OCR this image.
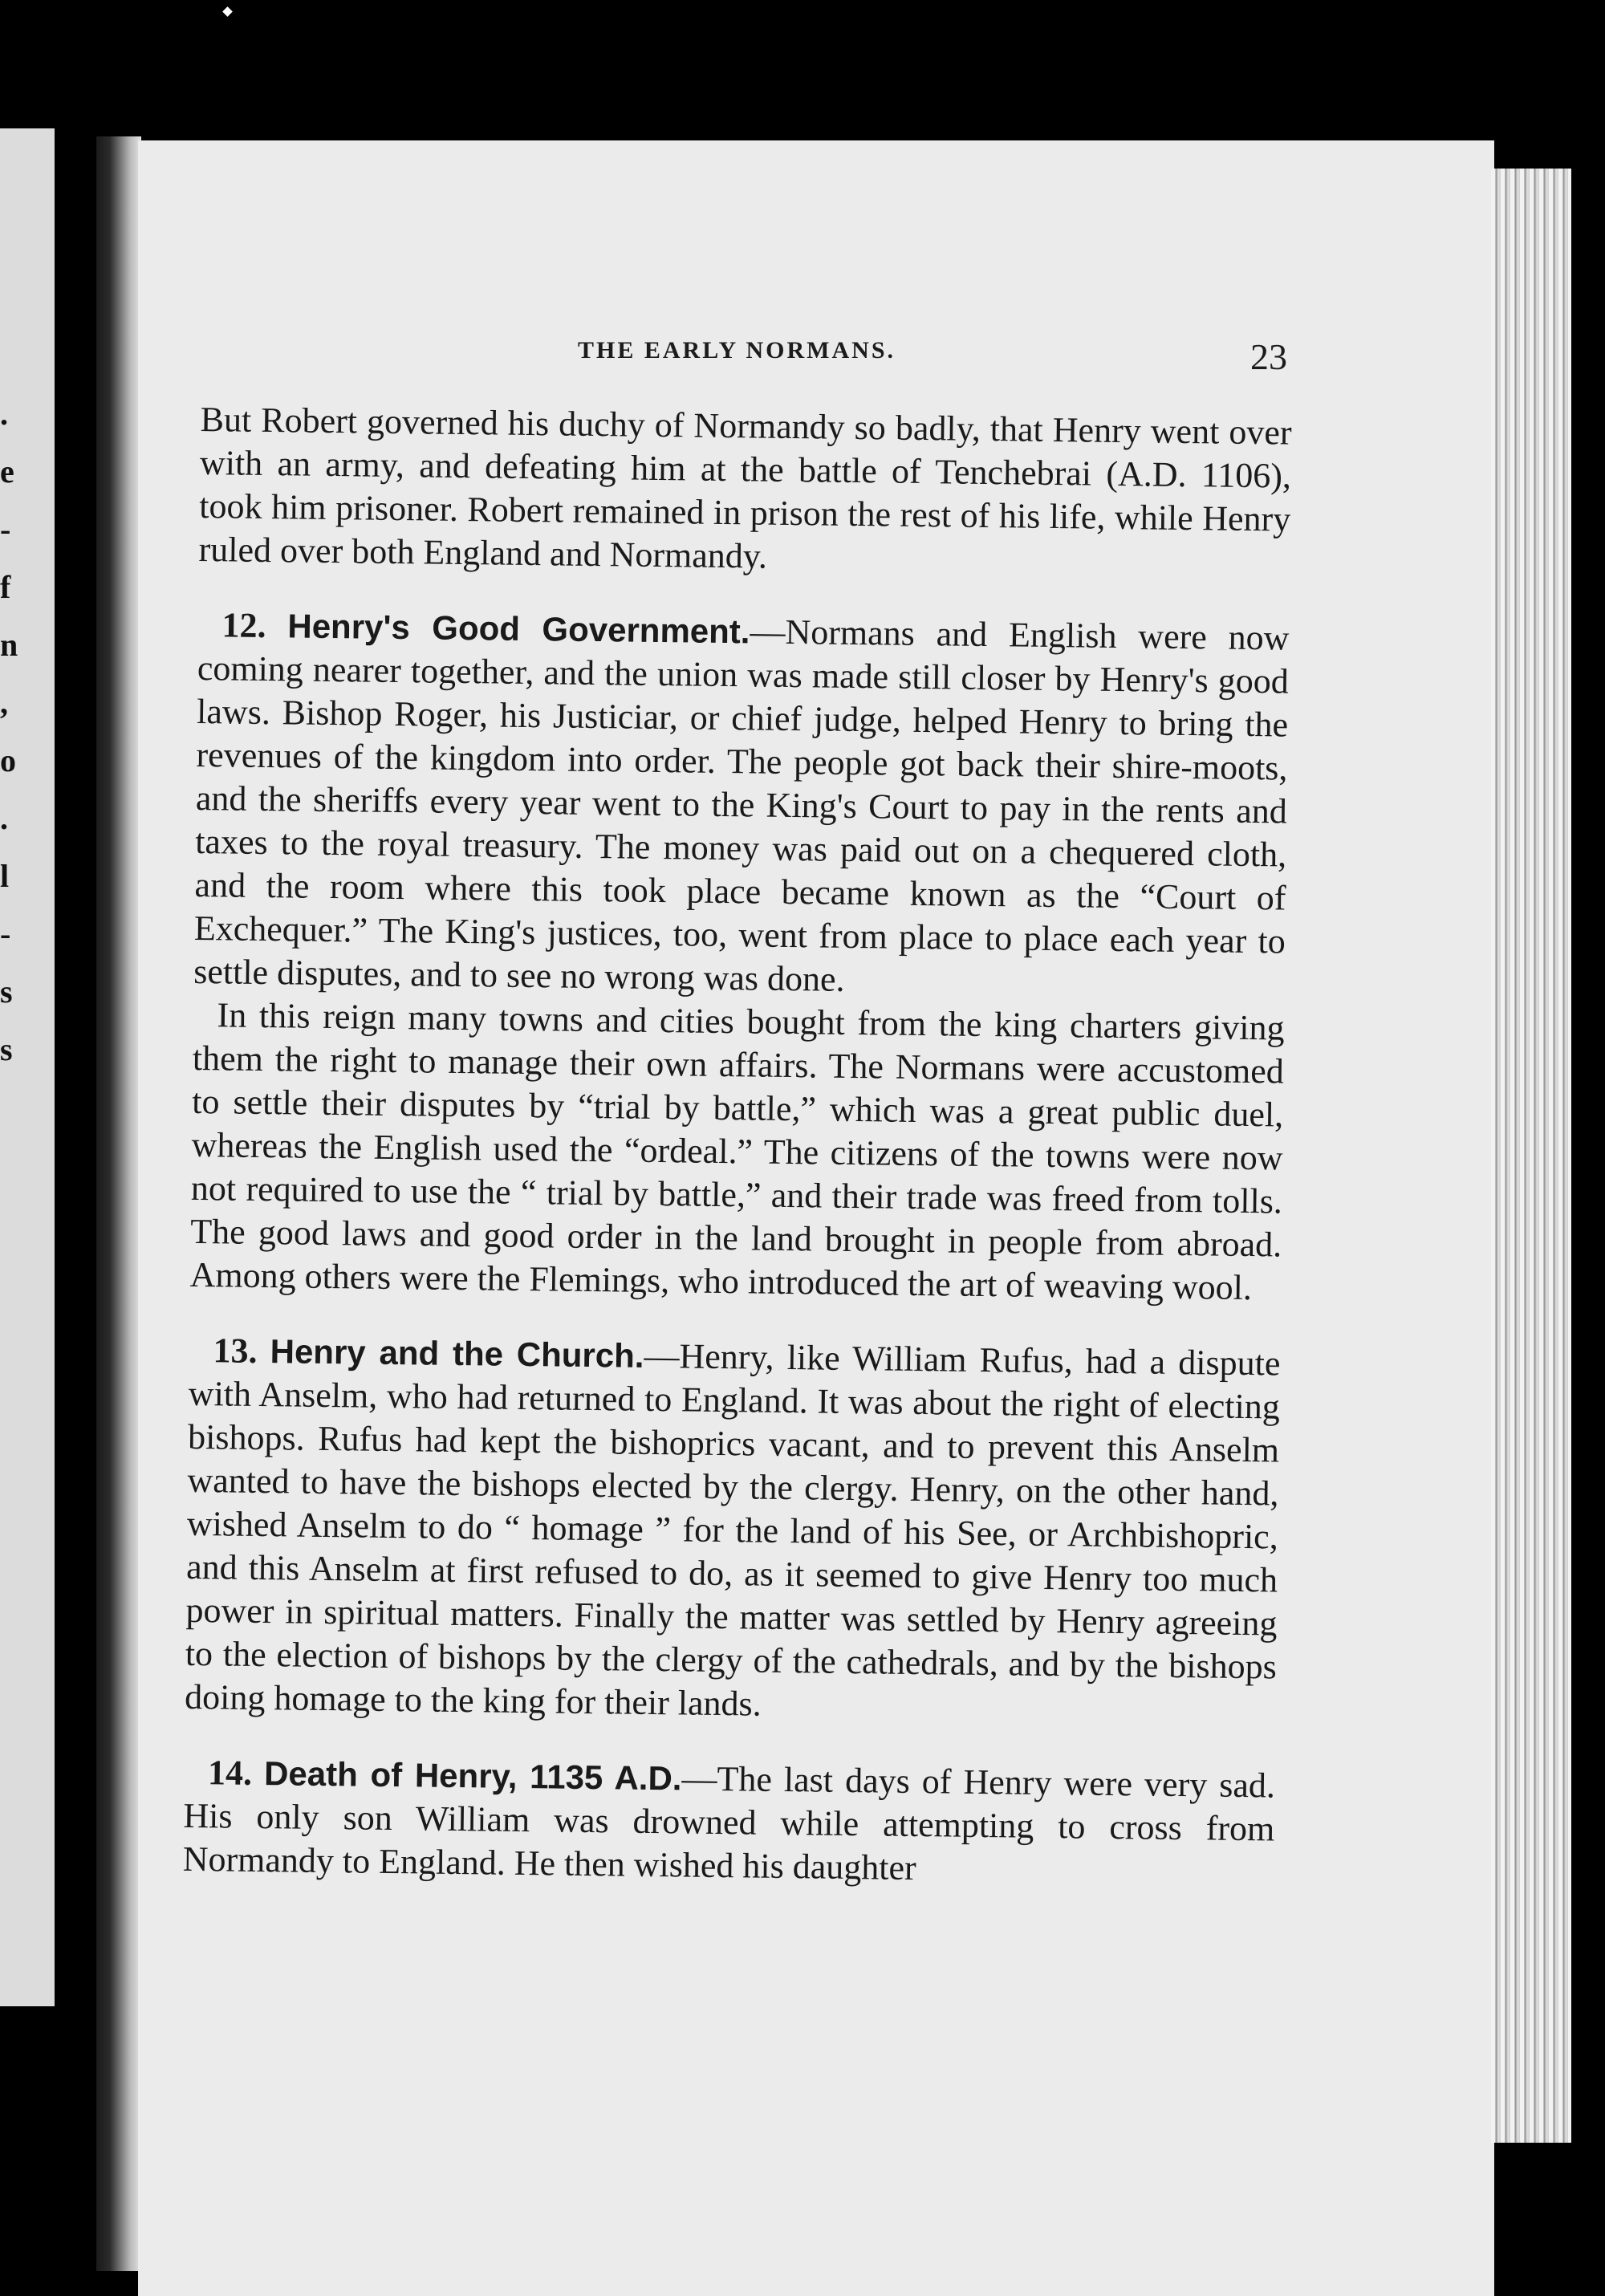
.
e
-
f
n
,
o
.
l
-
s
s
THE EARLY NORMANS.	23

But Robert governed his duchy of Normandy so badly, that Henry went over with an army, and defeating him at the battle of Tenchebrai (A.D. 1106), took him prisoner. Robert remained in prison the rest of his life, while Henry ruled over both England and Normandy.

12. Henry's Good Government.—Normans and English were now coming nearer together, and the union was made still closer by Henry's good laws. Bishop Roger, his Justiciar, or chief judge, helped Henry to bring the revenues of the kingdom into order. The people got back their shire-moots, and the sheriffs every year went to the King's Court to pay in the rents and taxes to the royal treasury. The money was paid out on a chequered cloth, and the room where this took place became known as the “Court of Exchequer.” The King's justices, too, went from place to place each year to settle disputes, and to see no wrong was done.

In this reign many towns and cities bought from the king charters giving them the right to manage their own affairs. The Normans were accustomed to settle their disputes by “trial by battle,” which was a great public duel, whereas the English used the “ordeal.” The citizens of the towns were now not required to use the “ trial by battle,” and their trade was freed from tolls. The good laws and good order in the land brought in people from abroad. Among others were the Flemings, who introduced the art of weaving wool.

13. Henry and the Church.—Henry, like William Rufus, had a dispute with Anselm, who had returned to England. It was about the right of electing bishops. Rufus had kept the bishoprics vacant, and to prevent this Anselm wanted to have the bishops elected by the clergy. Henry, on the other hand, wished Anselm to do “ homage ” for the land of his See, or Archbishopric, and this Anselm at first refused to do, as it seemed to give Henry too much power in spiritual matters. Finally the matter was settled by Henry agreeing to the election of bishops by the clergy of the cathedrals, and by the bishops doing homage to the king for their lands.

14. Death of Henry, 1135 A.D.—The last days of Henry were very sad. His only son William was drowned while attempting to cross from Normandy to England. He then wished his daughter
